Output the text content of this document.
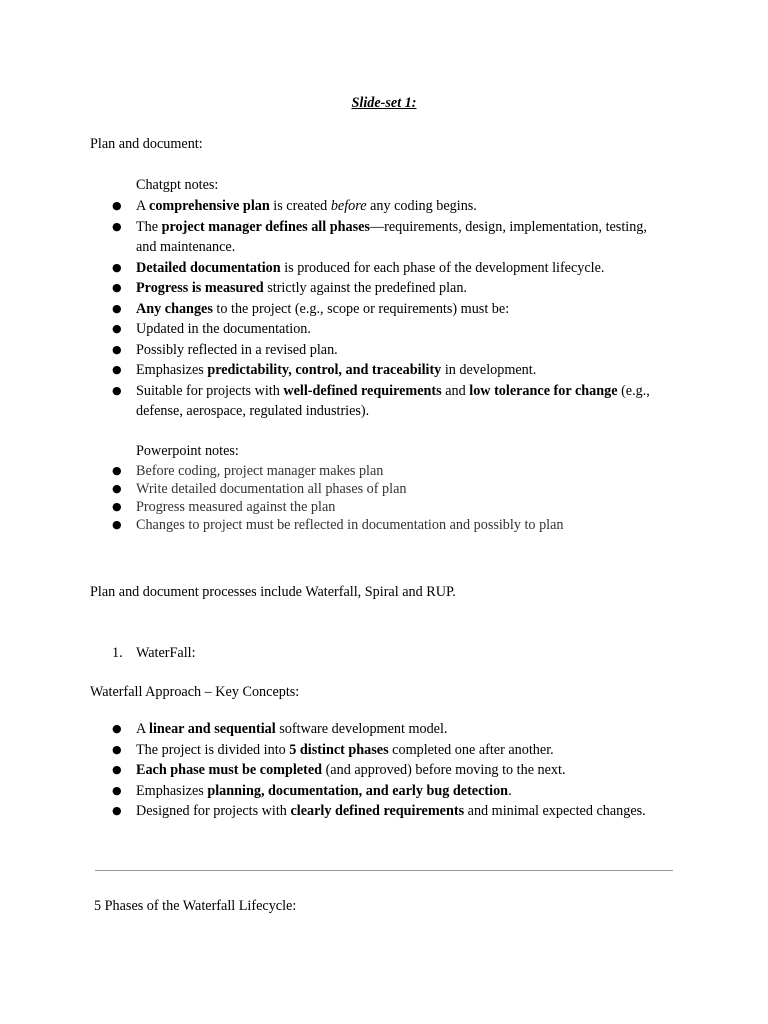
Slide-set 1:
Plan and document:
Chatgpt notes:
● A comprehensive plan is created before any coding begins.
● The project manager defines all phases—requirements, design, implementation, testing, and maintenance.
● Detailed documentation is produced for each phase of the development lifecycle.
● Progress is measured strictly against the predefined plan.
● Any changes to the project (e.g., scope or requirements) must be:
● Updated in the documentation.
● Possibly reflected in a revised plan.
● Emphasizes predictability, control, and traceability in development.
● Suitable for projects with well-defined requirements and low tolerance for change (e.g., defense, aerospace, regulated industries).
Powerpoint notes:
● Before coding, project manager makes plan
● Write detailed documentation all phases of plan
● Progress measured against the plan
● Changes to project must be reflected in documentation and possibly to plan
Plan and document processes include Waterfall, Spiral and RUP.
1. WaterFall:
Waterfall Approach – Key Concepts:
● A linear and sequential software development model.
● The project is divided into 5 distinct phases completed one after another.
● Each phase must be completed (and approved) before moving to the next.
● Emphasizes planning, documentation, and early bug detection.
● Designed for projects with clearly defined requirements and minimal expected changes.
5 Phases of the Waterfall Lifecycle:
